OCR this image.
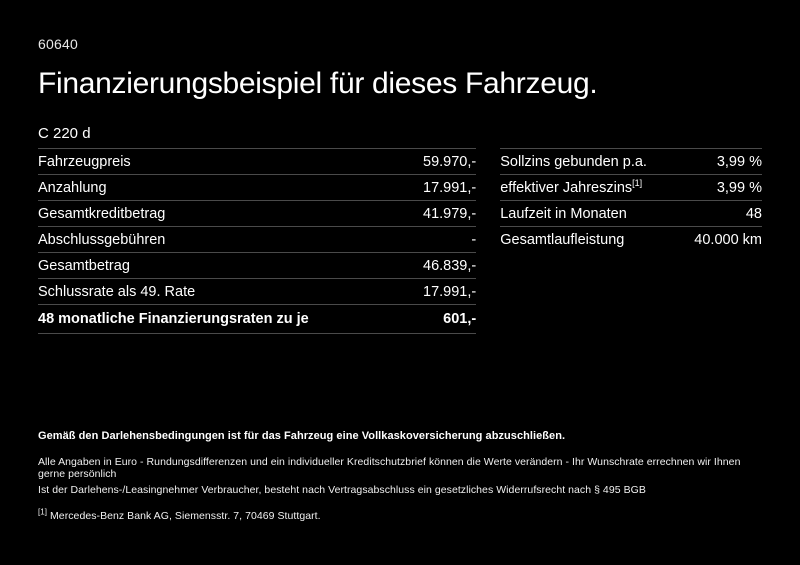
60640
Finanzierungsbeispiel für dieses Fahrzeug.
C 220 d
Fahrzeugpreis	59.970,-
Anzahlung	17.991,-
Gesamtkreditbetrag	41.979,-
Abschlussgebühren	-
Gesamtbetrag	46.839,-
Schlussrate als 49. Rate	17.991,-
48 monatliche Finanzierungsraten zu je	601,-
Sollzins gebunden p.a.	3,99 %
effektiver Jahreszins[1]	3,99 %
Laufzeit in Monaten	48
Gesamtlaufleistung	40.000 km
Gemäß den Darlehensbedingungen ist für das Fahrzeug eine Vollkaskoversicherung abzuschließen.
Alle Angaben in Euro - Rundungsdifferenzen und ein individueller Kreditschutzbrief können die Werte verändern - Ihr Wunschrate errechnen wir Ihnen gerne persönlich
Ist der Darlehens-/Leasingnehmer Verbraucher, besteht nach Vertragsabschluss ein gesetzliches Widerrufsrecht nach § 495 BGB
[1] Mercedes-Benz Bank AG, Siemensstr. 7, 70469 Stuttgart.
